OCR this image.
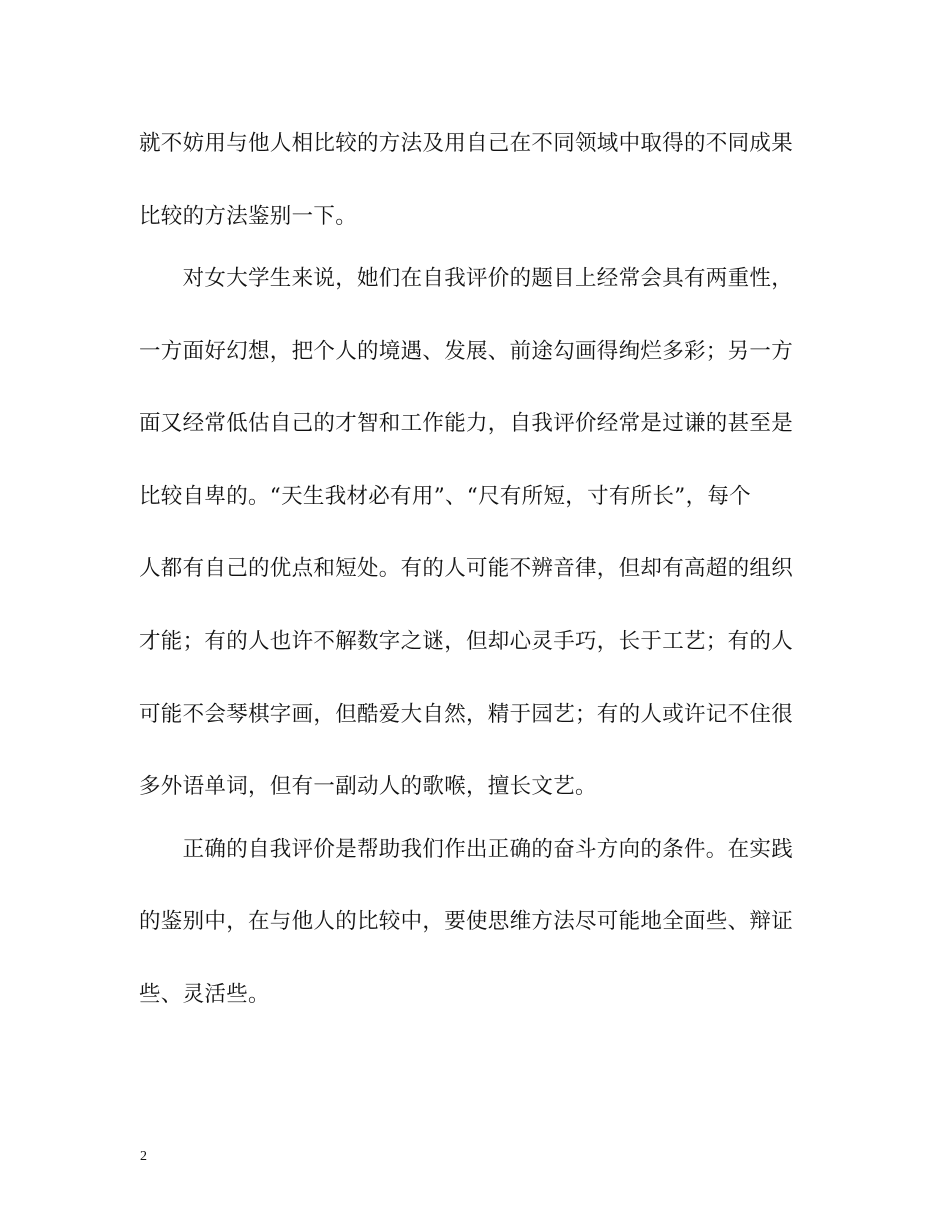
就不妨用与他人相比较的方法及用自己在不同领域中取得的不同成果
比较的方法鉴别一下。
　　对女大学生来说，她们在自我评价的题目上经常会具有两重性，
一方面好幻想，把个人的境遇、发展、前途勾画得绚烂多彩；另一方
面又经常低估自己的才智和工作能力，自我评价经常是过谦的甚至是
比较自卑的。“天生我材必有用”、“尺有所短，寸有所长”，每个
人都有自己的优点和短处。有的人可能不辨音律，但却有高超的组织
才能；有的人也许不解数字之谜，但却心灵手巧，长于工艺；有的人
可能不会琴棋字画，但酷爱大自然，精于园艺；有的人或许记不住很
多外语单词，但有一副动人的歌喉，擅长文艺。
　　正确的自我评价是帮助我们作出正确的奋斗方向的条件。在实践
的鉴别中，在与他人的比较中，要使思维方法尽可能地全面些、辩证
些、灵活些。
2
